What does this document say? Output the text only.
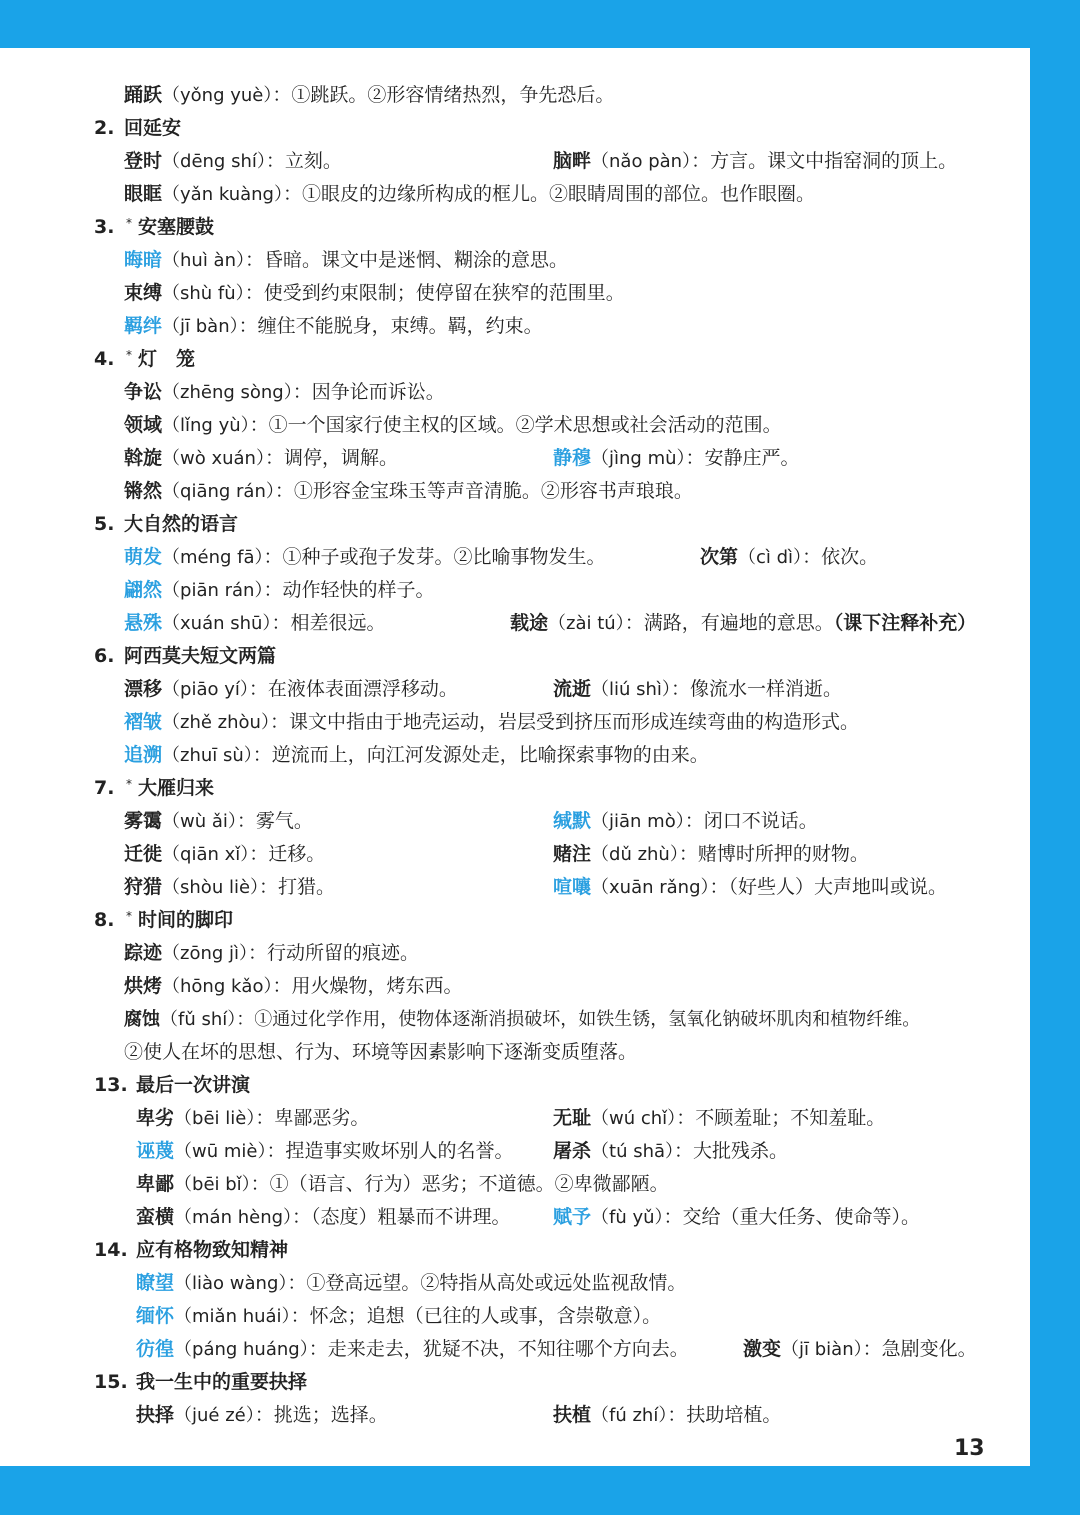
踊跃（yǒng yuè）：①跳跃。②形容情绪热烈，争先恐后。
2. 回延安
登时（dēng shí）：立刻。	脑畔（nǎo pàn）：方言。课文中指窑洞的顶上。
眼眶（yǎn kuàng）：①眼皮的边缘所构成的框儿。②眼睛周围的部位。也作眼圈。
3. * 安塞腰鼓
晦暗（huì àn）：昏暗。课文中是迷惘、糊涂的意思。
束缚（shù fù）：使受到约束限制；使停留在狭窄的范围里。
羁绊（jī bàn）：缠住不能脱身，束缚。羁，约束。
4. * 灯　笼
争讼（zhēng sòng）：因争论而诉讼。
领域（lǐng yù）：①一个国家行使主权的区域。②学术思想或社会活动的范围。
斡旋（wò xuán）：调停，调解。	静穆（jìng mù）：安静庄严。
锵然（qiāng rán）：①形容金宝珠玉等声音清脆。②形容书声琅琅。
5. 大自然的语言
萌发（méng fā）：①种子或孢子发芽。②比喻事物发生。	次第（cì dì）：依次。
翩然（piān rán）：动作轻快的样子。
悬殊（xuán shū）：相差很远。	载途（zài tú）：满路，有遍地的意思。（课下注释补充）
6. 阿西莫夫短文两篇
漂移（piāo yí）：在液体表面漂浮移动。	流逝（liú shì）：像流水一样消逝。
褶皱（zhě zhòu）：课文中指由于地壳运动，岩层受到挤压而形成连续弯曲的构造形式。
追溯（zhuī sù）：逆流而上，向江河发源处走，比喻探索事物的由来。
7. * 大雁归来
雾霭（wù ǎi）：雾气。	缄默（jiān mò）：闭口不说话。
迁徙（qiān xǐ）：迁移。	赌注（dǔ zhù）：赌博时所押的财物。
狩猎（shòu liè）：打猎。	喧嚷（xuān rǎng）：（好些人）大声地叫或说。
8. * 时间的脚印
踪迹（zōng jì）：行动所留的痕迹。
烘烤（hōng kǎo）：用火燥物，烤东西。
腐蚀（fǔ shí）：①通过化学作用，使物体逐渐消损破坏，如铁生锈，氢氧化钠破坏肌肉和植物纤维。
②使人在坏的思想、行为、环境等因素影响下逐渐变质堕落。
13. 最后一次讲演
卑劣（bēi liè）：卑鄙恶劣。	无耻（wú chǐ）：不顾羞耻；不知羞耻。
诬蔑（wū miè）：捏造事实败坏别人的名誉。 屠杀（tú shā）：大批残杀。
卑鄙（bēi bǐ）：①（语言、行为）恶劣；不道德。②卑微鄙陋。
蛮横（mán hèng）：（态度）粗暴而不讲理。 赋予（fù yǔ）：交给（重大任务、使命等）。
14. 应有格物致知精神
瞭望（liào wàng）：①登高远望。②特指从高处或远处监视敌情。
缅怀（miǎn huái）：怀念；追想（已往的人或事，含崇敬意）。
彷徨（páng huáng）：走来走去，犹疑不决，不知往哪个方向去。	激变（jī biàn）：急剧变化。
15. 我一生中的重要抉择
抉择（jué zé）：挑选；选择。	扶植（fú zhí）：扶助培植。
13
